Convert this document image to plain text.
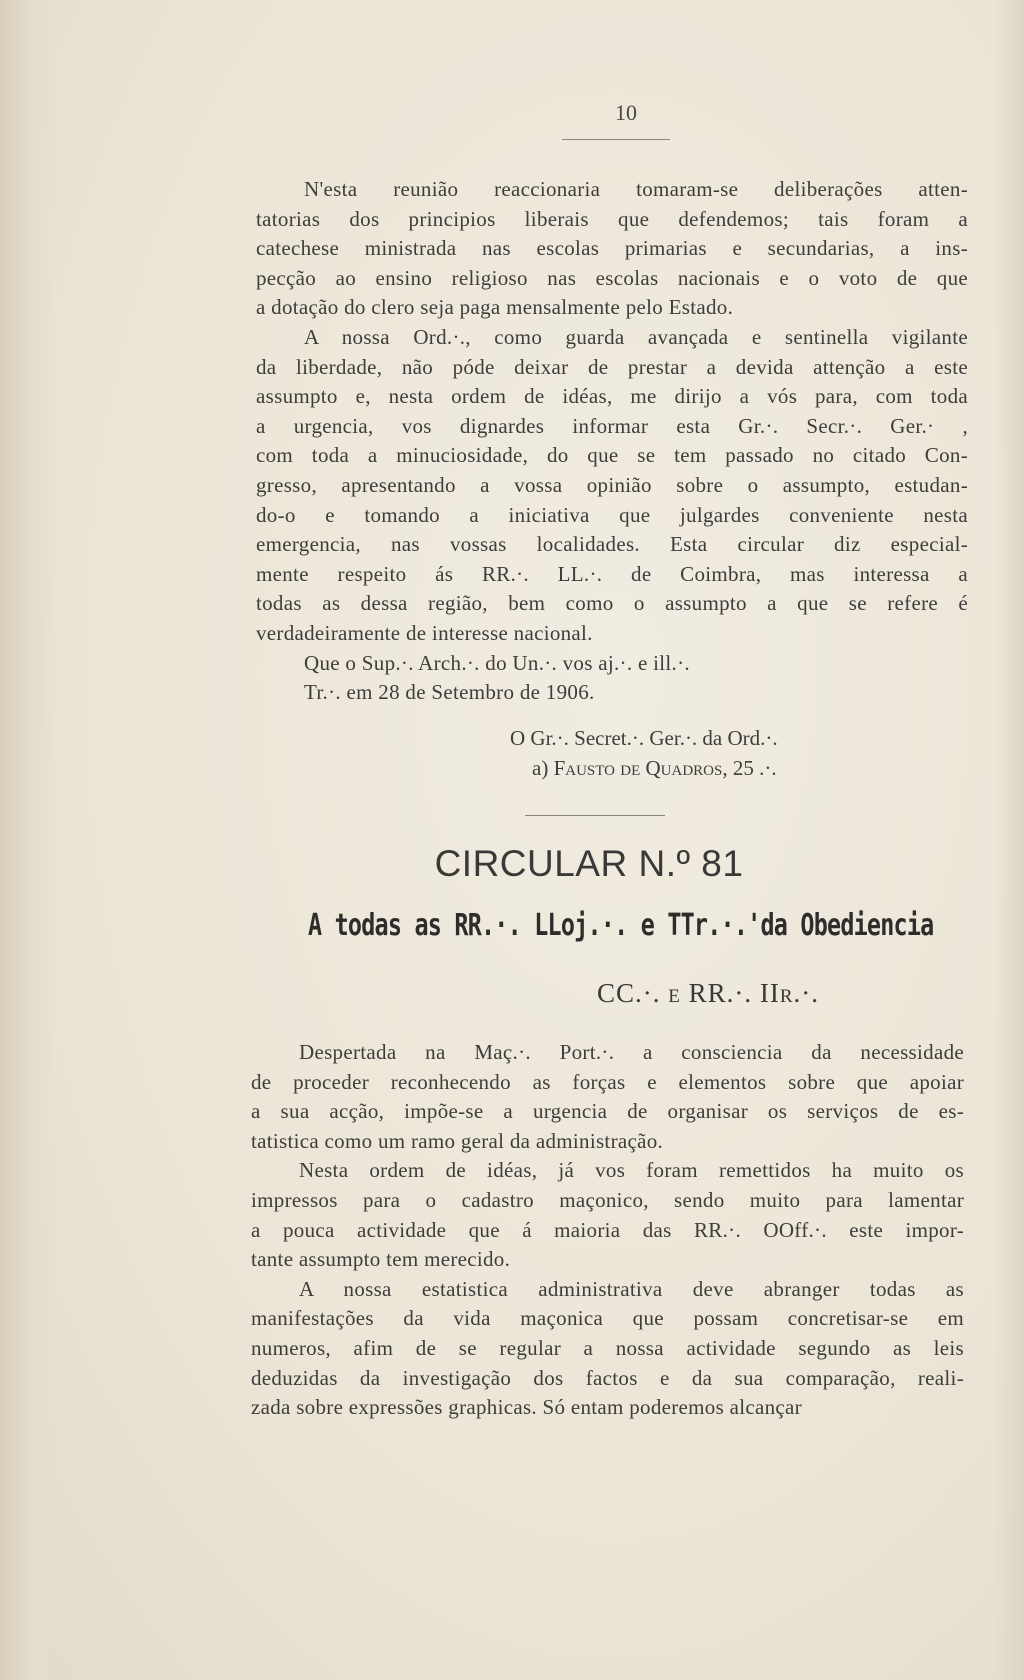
10
N'esta reunião reaccionaria tomaram-se deliberações atten-
tatorias dos principios liberais que defendemos; tais foram a
catechese ministrada nas escolas primarias e secundarias, a ins-
pecção ao ensino religioso nas escolas nacionais e o voto de que
a dotação do clero seja paga mensalmente pelo Estado.
A nossa Ord.·., como guarda avançada e sentinella vigilante
da liberdade, não póde deixar de prestar a devida attenção a este
assumpto e, nesta ordem de idéas, me dirijo a vós para, com toda
a urgencia, vos dignardes informar esta Gr.·. Secr.·. Ger.· ,
com toda a minuciosidade, do que se tem passado no citado Con-
gresso, apresentando a vossa opinião sobre o assumpto, estudan-
do-o e tomando a iniciativa que julgardes conveniente nesta
emergencia, nas vossas localidades. Esta circular diz especial-
mente respeito ás RR.·. LL.·. de Coimbra, mas interessa a
todas as dessa região, bem como o assumpto a que se refere é
verdadeiramente de interesse nacional.
Que o Sup.·. Arch.·. do Un.·. vos aj.·. e ill.·.
Tr.·. em 28 de Setembro de 1906.
O Gr.·. Secret.·. Ger.·. da Ord.·.
a) Fausto de Quadros, 25 .·.
CIRCULAR N.º 81
A todas as RR.·. LLoj.·. e TTr.·.'da Obediencia
CC.·. e RR.·. IIr.·.
Despertada na Maç.·. Port.·. a consciencia da necessidade
de proceder reconhecendo as forças e elementos sobre que apoiar
a sua acção, impõe-se a urgencia de organisar os serviços de es-
tatistica como um ramo geral da administração.
Nesta ordem de idéas, já vos foram remettidos ha muito os
impressos para o cadastro maçonico, sendo muito para lamentar
a pouca actividade que á maioria das RR.·. OOff.·. este impor-
tante assumpto tem merecido.
A nossa estatistica administrativa deve abranger todas as
manifestações da vida maçonica que possam concretisar-se em
numeros, afim de se regular a nossa actividade segundo as leis
deduzidas da investigação dos factos e da sua comparação, reali-
zada sobre expressões graphicas. Só entam poderemos alcançar
